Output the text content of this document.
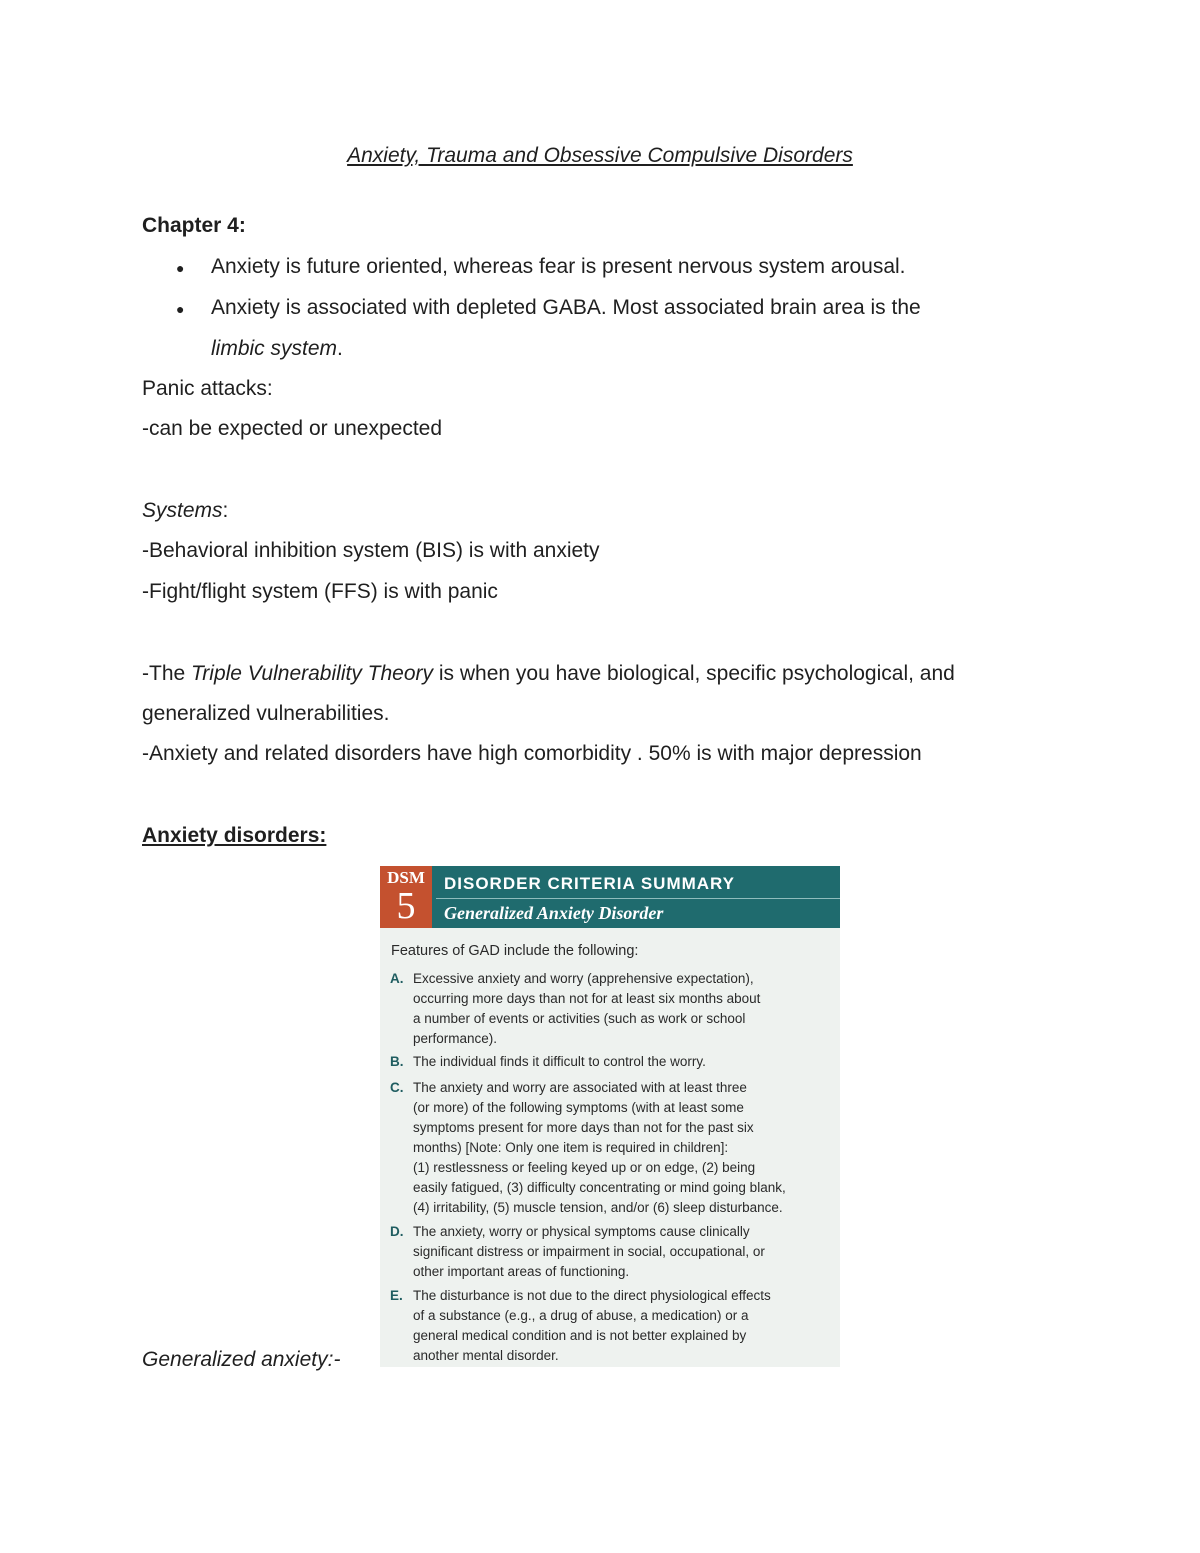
Anxiety, Trauma and Obsessive Compulsive Disorders
Chapter 4:
● Anxiety is future oriented, whereas fear is present nervous system arousal.
● Anxiety is associated with depleted GABA. Most associated brain area is the
limbic system.
Panic attacks:
-can be expected or unexpected
Systems:
-Behavioral inhibition system (BIS) is with anxiety
-Fight/flight system (FFS) is with panic
-The Triple Vulnerability Theory is when you have biological, specific psychological, and
generalized vulnerabilities.
-Anxiety and related disorders have high comorbidity . 50% is with major depression
Anxiety disorders:
DSM
5
DISORDER CRITERIA SUMMARY
Generalized Anxiety Disorder
Features of GAD include the following:
A. Excessive anxiety and worry (apprehensive expectation),
occurring more days than not for at least six months about
a number of events or activities (such as work or school
performance).
B. The individual finds it difficult to control the worry.
C. The anxiety and worry are associated with at least three
(or more) of the following symptoms (with at least some
symptoms present for more days than not for the past six
months) [Note: Only one item is required in children]:
(1) restlessness or feeling keyed up or on edge, (2) being
easily fatigued, (3) difficulty concentrating or mind going blank,
(4) irritability, (5) muscle tension, and/or (6) sleep disturbance.
D. The anxiety, worry or physical symptoms cause clinically
significant distress or impairment in social, occupational, or
other important areas of functioning.
E. The disturbance is not due to the direct physiological effects
of a substance (e.g., a drug of abuse, a medication) or a
general medical condition and is not better explained by
another mental disorder.
Generalized anxiety:-
